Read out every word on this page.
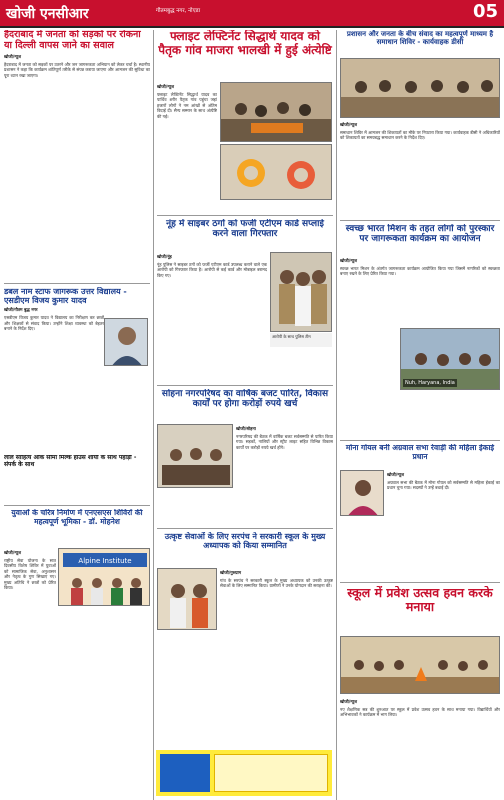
खोजी एनसीआर	गौतमबुद्ध नगर, नोएडा	05
हैदराबाद में जनता को सड़कों पर रोकना या दिल्ली वापस जाने का सवाल
खोजी/न्यूज
हैदराबाद में जनता को सड़कों पर उतरने और जन जागरूकता अभियान को लेकर चर्चा है। स्थानीय प्रशासन ने कहा कि कार्यक्रम शांतिपूर्ण तरीके से संपन्न कराया जाएगा और आमजन की सुविधा का पूरा ध्यान रखा जाएगा।
डबल नाम स्टाफ जागरूक उत्तर विद्यालय - एसडीएम विजय कुमार यादव
खोजी/गौतम बुद्ध नगर
एसडीएम विजय कुमार यादव ने विद्यालय का निरीक्षण कर छात्रों और शिक्षकों से संवाद किया। उन्होंने शिक्षा व्यवस्था को बेहतर बनाने के निर्देश दिए।
लाल साहित्य ओक सीमा मिल्क हाउस शायी के साथ पहाड़ी - संपर्क के साथ
युवाओं के चरित्र निर्माण में एनएसएस शिविरों की महत्वपूर्ण भूमिका - डॉ. मोहनेश
Alpine Institute
खोजी/न्यूज
राष्ट्रीय सेवा योजना के सात दिवसीय विशेष शिविर में युवाओं को सामाजिक सेवा, अनुशासन और नेतृत्व के गुण सिखाए गए। मुख्य अतिथि ने छात्रों को प्रेरित किया।
फ्लाइट लेफ्टिनेंट सिद्धार्थ यादव को पैतृक गांव माजरा भालखी में हुई अंत्येष्टि
खोजी/न्यूज
फ्लाइट लेफ्टिनेंट सिद्धार्थ यादव का पार्थिव शरीर पैतृक गांव पहुंचा जहां हजारों लोगों ने नम आंखों से अंतिम विदाई दी। सैन्य सम्मान के साथ अंत्येष्टि की गई।
नूंह में साइबर ठगों को फर्जी एटीएम कार्ड सप्लाई करने वाला गिरफ्तार
खोजी/नूंह
नूंह पुलिस ने साइबर ठगों को फर्जी एटीएम कार्ड उपलब्ध कराने वाले एक आरोपी को गिरफ्तार किया है। आरोपी से कई कार्ड और मोबाइल बरामद किए गए।
आरोपी के साथ पुलिस टीम
सोहना नगरपरिषद का वार्षिक बजट पारित, विकास कार्यों पर होगा करोड़ों रुपये खर्च
खोजी/सोहना
नगरपरिषद की बैठक में वार्षिक बजट सर्वसम्मति से पारित किया गया। सड़कों, नालियों और स्ट्रीट लाइट सहित विभिन्न विकास कार्यों पर करोड़ों रुपये खर्च होंगे।
उत्कृष्ट सेवाओं के लिए सरपंच ने सरकारी स्कूल के मुख्य अध्यापक को किया सम्मानित
खोजी/गुरुग्राम
गांव के सरपंच ने सरकारी स्कूल के मुख्य अध्यापक को उनकी उत्कृष्ट सेवाओं के लिए सम्मानित किया। ग्रामीणों ने उनके योगदान की सराहना की।
प्रशासन और जनता के बीच संवाद का महत्वपूर्ण माध्यम है समाधान शिविर - कार्यवाहक डीसी
खोजी/न्यूज
समाधान शिविर में आमजन की शिकायतों का मौके पर निपटारा किया गया। कार्यवाहक डीसी ने अधिकारियों को शिकायतों का समयबद्ध समाधान करने के निर्देश दिए।
स्वच्छ भारत मिशन के तहत लोगों को पुरस्कार पर जागरूकता कार्यक्रम का आयोजन
खोजी/न्यूज
स्वच्छ भारत मिशन के अंतर्गत जागरूकता कार्यक्रम आयोजित किया गया जिसमें नागरिकों को स्वच्छता बनाए रखने के लिए प्रेरित किया गया।
Nuh, Haryana, India
मोना गोयल बनी अग्रवाल सभा रेवाड़ी की महिला ईकाई प्रधान
खोजी/न्यूज
अग्रवाल सभा की बैठक में मोना गोयल को सर्वसम्मति से महिला ईकाई का प्रधान चुना गया। सदस्यों ने उन्हें बधाई दी।
स्कूल में प्रवेश उत्सव हवन करके मनाया
खोजी/न्यूज
नए शैक्षणिक सत्र की शुरुआत पर स्कूल में प्रवेश उत्सव हवन के साथ मनाया गया। विद्यार्थियों और अभिभावकों ने कार्यक्रम में भाग लिया।
